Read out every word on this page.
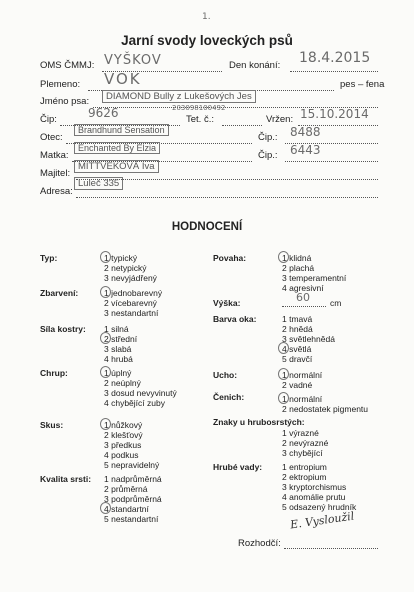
1.
Jarní svody loveckých psů
OMS ČMMJ: VYŠKOV	Den konání: 18.4.2015
Plemeno: VOK	pes – fena
Jméno psa:	DIAMOND Bully z Lukešových Jes
Čip:	9626	Tet. č.:
203098100492
Vržen: 15.10.2014
Otec:
Brandhund Sensation
Čip.: 8488
Matka:
Enchanted By Elzia
Čip.: 6443
Majitel:
MITTVEKOVÁ Iva
Adresa:
Luleč 335
HODNOCENÍ
Typ:	1 typický
2 netypický
3 nevyjádřený
Zbarvení:	1 jednobarevný
2 vícebarevný
3 nestandartní
Síla kostry: 1 silná
2 střední
3 slabá
4 hrubá
Chrup:	1 úplný
2 neúplný
3 dosud nevyvinutý
4 chybějící zuby
Skus:	1 nůžkový
2 klešťový
3 předkus
4 podkus
5 nepravidelný
Kvalita srsti: 1 nadprůměrná
2 průměrná
3 podprůměrná
4 standartní
5 nestandartní
Povaha:	1 klidná
2 plachá
3 temperamentní
4 agresivní
Výška:	60 cm
Barva oka:	1 tmavá
2 hnědá
3 světlehnědá
4 světlá
5 dravčí
Ucho:	1 normální
2 vadné
Čenich:	1 normální
2 nedostatek pigmentu
Znaky u hrubosrstých:
1 výrazné
2 nevýrazné
3 chybějící
Hrubé vady: 1 entropium
2 ektropium
3 kryptorchismus
4 anomálie prutu
5 odsazený hrudník
E. Vysloužil
Rozhodčí:
